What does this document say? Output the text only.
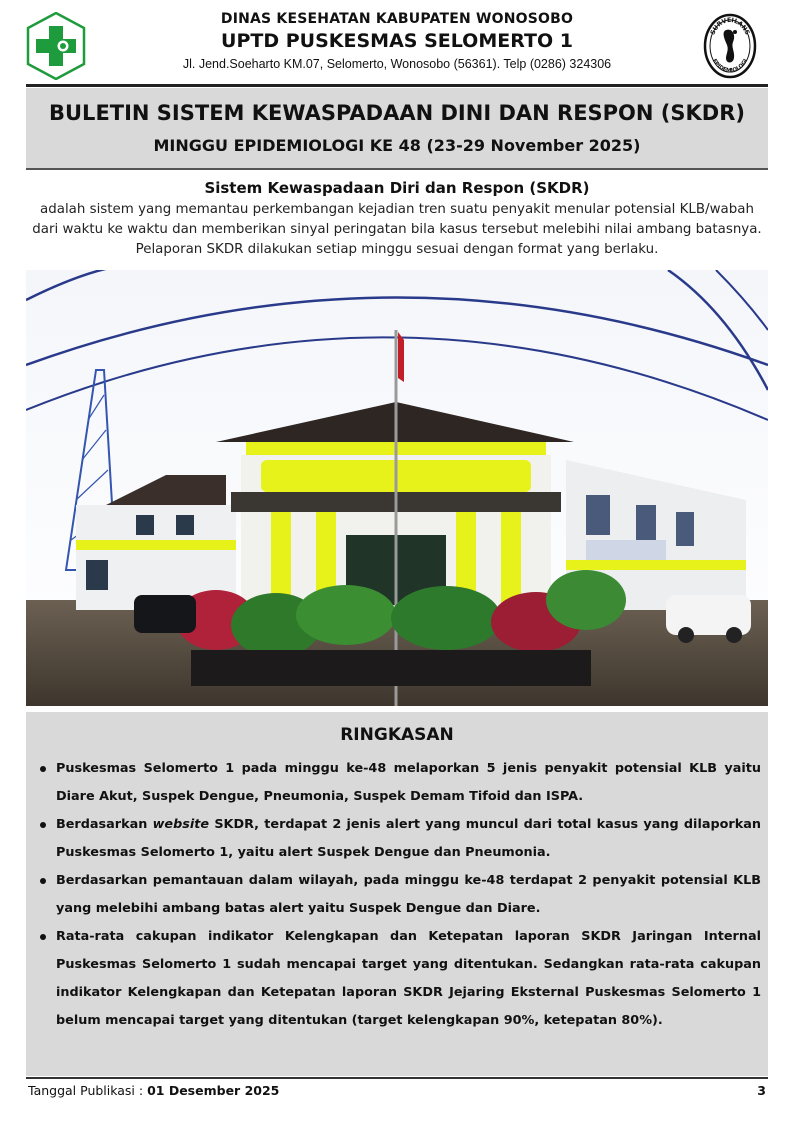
DINAS KESEHATAN KABUPATEN WONOSOBO
UPTD PUSKESMAS SELOMERTO 1
Jl. Jend.Soeharto KM.07, Selomerto, Wonosobo (56361). Telp (0286) 324306
SURVEILANS
EPIDEMIOLOGI
BULETIN SISTEM KEWASPADAAN DINI DAN RESPON (SKDR)
MINGGU EPIDEMIOLOGI KE 48 (23-29 November 2025)
Sistem Kewaspadaan Diri dan Respon (SKDR)
adalah sistem yang memantau perkembangan kejadian tren suatu penyakit menular potensial KLB/wabah dari waktu ke waktu dan memberikan sinyal peringatan bila kasus tersebut melebihi nilai ambang batasnya. Pelaporan SKDR dilakukan setiap minggu sesuai dengan format yang berlaku.
RINGKASAN
Puskesmas Selomerto 1 pada minggu ke-48 melaporkan 5 jenis penyakit potensial KLB yaitu Diare Akut, Suspek Dengue, Pneumonia, Suspek Demam Tifoid dan ISPA.
Berdasarkan website SKDR, terdapat 2 jenis alert yang muncul dari total kasus yang dilaporkan Puskesmas Selomerto 1, yaitu alert Suspek Dengue dan Pneumonia.
Berdasarkan pemantauan dalam wilayah, pada minggu ke-48 terdapat 2 penyakit potensial KLB yang melebihi ambang batas alert yaitu Suspek Dengue dan Diare.
Rata-rata cakupan indikator Kelengkapan dan Ketepatan laporan SKDR Jaringan Internal Puskesmas Selomerto 1 sudah mencapai target yang ditentukan. Sedangkan rata-rata cakupan indikator Kelengkapan dan Ketepatan laporan SKDR Jejaring Eksternal Puskesmas Selomerto 1 belum mencapai target yang ditentukan (target kelengkapan 90%, ketepatan 80%).
Tanggal Publikasi : 01 Desember 2025	3
